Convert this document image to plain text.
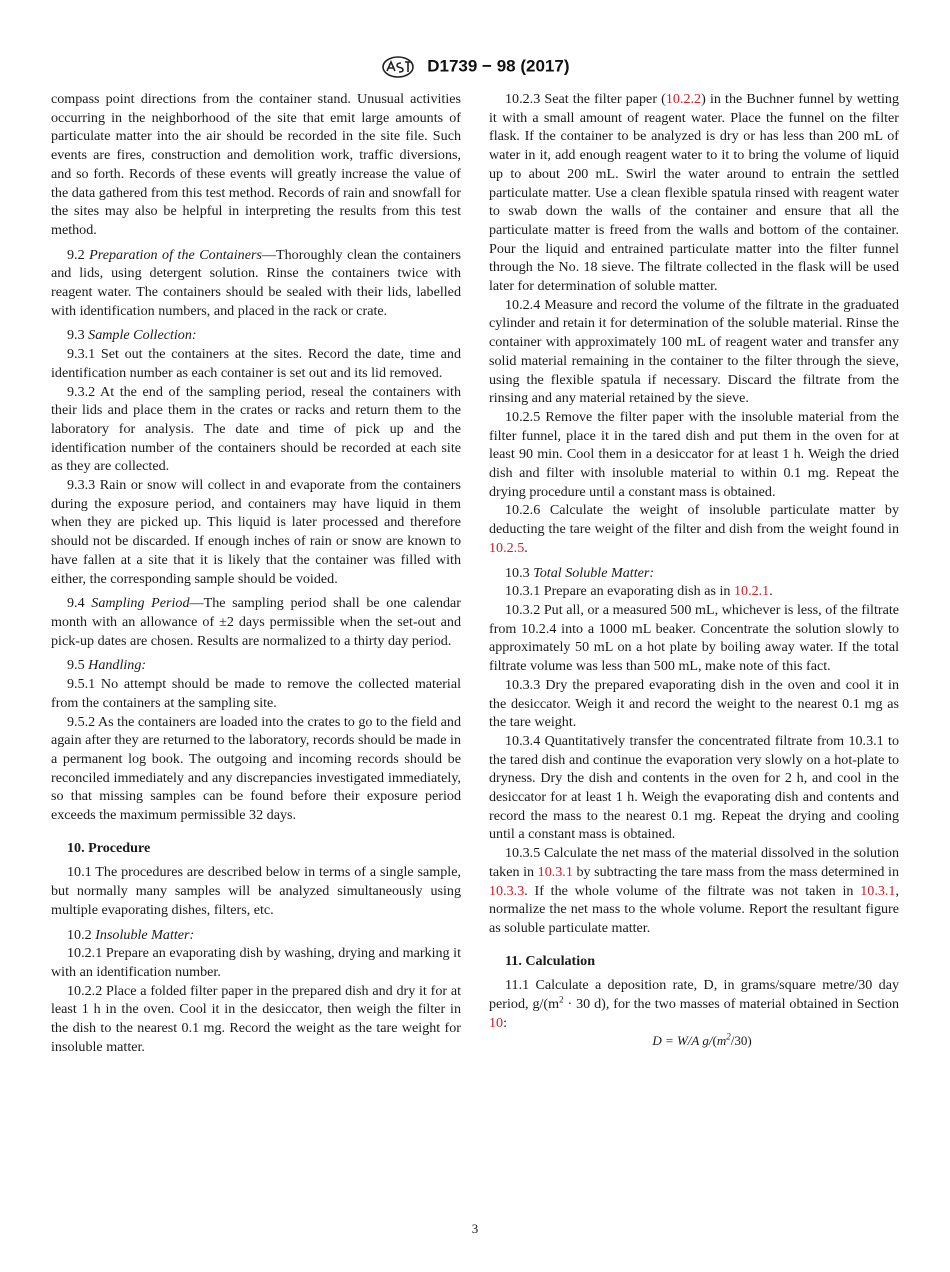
D1739 − 98 (2017)

compass point directions from the container stand. Unusual activities occurring in the neighborhood of the site that emit large amounts of particulate matter into the air should be recorded in the site file. Such events are fires, construction and demolition work, traffic diversions, and so forth. Records of these events will greatly increase the value of the data gathered from this test method. Records of rain and snowfall for the sites may also be helpful in interpreting the results from this test method.

9.2 Preparation of the Containers—Thoroughly clean the containers and lids, using detergent solution. Rinse the containers twice with reagent water. The containers should be sealed with their lids, labelled with identification numbers, and placed in the rack or crate.

9.3 Sample Collection:

9.3.1 Set out the containers at the sites. Record the date, time and identification number as each container is set out and its lid removed.

9.3.2 At the end of the sampling period, reseal the containers with their lids and place them in the crates or racks and return them to the laboratory for analysis. The date and time of pick up and the identification number of the containers should be recorded at each site as they are collected.

9.3.3 Rain or snow will collect in and evaporate from the containers during the exposure period, and containers may have liquid in them when they are picked up. This liquid is later processed and therefore should not be discarded. If enough inches of rain or snow are known to have fallen at a site that it is likely that the container was filled with either, the corresponding sample should be voided.

9.4 Sampling Period—The sampling period shall be one calendar month with an allowance of ±2 days permissible when the set-out and pick-up dates are chosen. Results are normalized to a thirty day period.

9.5 Handling:

9.5.1 No attempt should be made to remove the collected material from the containers at the sampling site.

9.5.2 As the containers are loaded into the crates to go to the field and again after they are returned to the laboratory, records should be made in a permanent log book. The outgoing and incoming records should be reconciled immediately and any discrepancies investigated immediately, so that missing samples can be found before their exposure period exceeds the maximum permissible 32 days.

10. Procedure

10.1 The procedures are described below in terms of a single sample, but normally many samples will be analyzed simultaneously using multiple evaporating dishes, filters, etc.

10.2 Insoluble Matter:

10.2.1 Prepare an evaporating dish by washing, drying and marking it with an identification number.

10.2.2 Place a folded filter paper in the prepared dish and dry it for at least 1 h in the oven. Cool it in the desiccator, then weigh the filter in the dish to the nearest 0.1 mg. Record the weight as the tare weight for insoluble matter.

10.2.3 Seat the filter paper (10.2.2) in the Buchner funnel by wetting it with a small amount of reagent water. Place the funnel on the filter flask. If the container to be analyzed is dry or has less than 200 mL of water in it, add enough reagent water to it to bring the volume of liquid up to about 200 mL. Swirl the water around to entrain the settled particulate matter. Use a clean flexible spatula rinsed with reagent water to swab down the walls of the container and ensure that all the particulate matter is freed from the walls and bottom of the container. Pour the liquid and entrained particulate matter into the filter funnel through the No. 18 sieve. The filtrate collected in the flask will be used later for determination of soluble matter.

10.2.4 Measure and record the volume of the filtrate in the graduated cylinder and retain it for determination of the soluble material. Rinse the container with approximately 100 mL of reagent water and transfer any solid material remaining in the container to the filter through the sieve, using the flexible spatula if necessary. Discard the filtrate from the rinsing and any material retained by the sieve.

10.2.5 Remove the filter paper with the insoluble material from the filter funnel, place it in the tared dish and put them in the oven for at least 90 min. Cool them in a desiccator for at least 1 h. Weigh the dried dish and filter with insoluble material to within 0.1 mg. Repeat the drying procedure until a constant mass is obtained.

10.2.6 Calculate the weight of insoluble particulate matter by deducting the tare weight of the filter and dish from the weight found in 10.2.5.

10.3 Total Soluble Matter:

10.3.1 Prepare an evaporating dish as in 10.2.1.

10.3.2 Put all, or a measured 500 mL, whichever is less, of the filtrate from 10.2.4 into a 1000 mL beaker. Concentrate the solution slowly to approximately 50 mL on a hot plate by boiling away water. If the total filtrate volume was less than 500 mL, make note of this fact.

10.3.3 Dry the prepared evaporating dish in the oven and cool it in the desiccator. Weigh it and record the weight to the nearest 0.1 mg as the tare weight.

10.3.4 Quantitatively transfer the concentrated filtrate from 10.3.1 to the tared dish and continue the evaporation very slowly on a hot-plate to dryness. Dry the dish and contents in the oven for 2 h, and cool in the desiccator for at least 1 h. Weigh the evaporating dish and contents and record the mass to the nearest 0.1 mg. Repeat the drying and cooling until a constant mass is obtained.

10.3.5 Calculate the net mass of the material dissolved in the solution taken in 10.3.1 by subtracting the tare mass from the mass determined in 10.3.3. If the whole volume of the filtrate was not taken in 10.3.1, normalize the net mass to the whole volume. Report the resultant figure as soluble particulate matter.

11. Calculation

11.1 Calculate a deposition rate, D, in grams/square metre/30 day period, $g/(m^2 \cdot 30$ d), for the two masses of material obtained in Section 10:

D = W/A $g/(m^2/30)$

3
